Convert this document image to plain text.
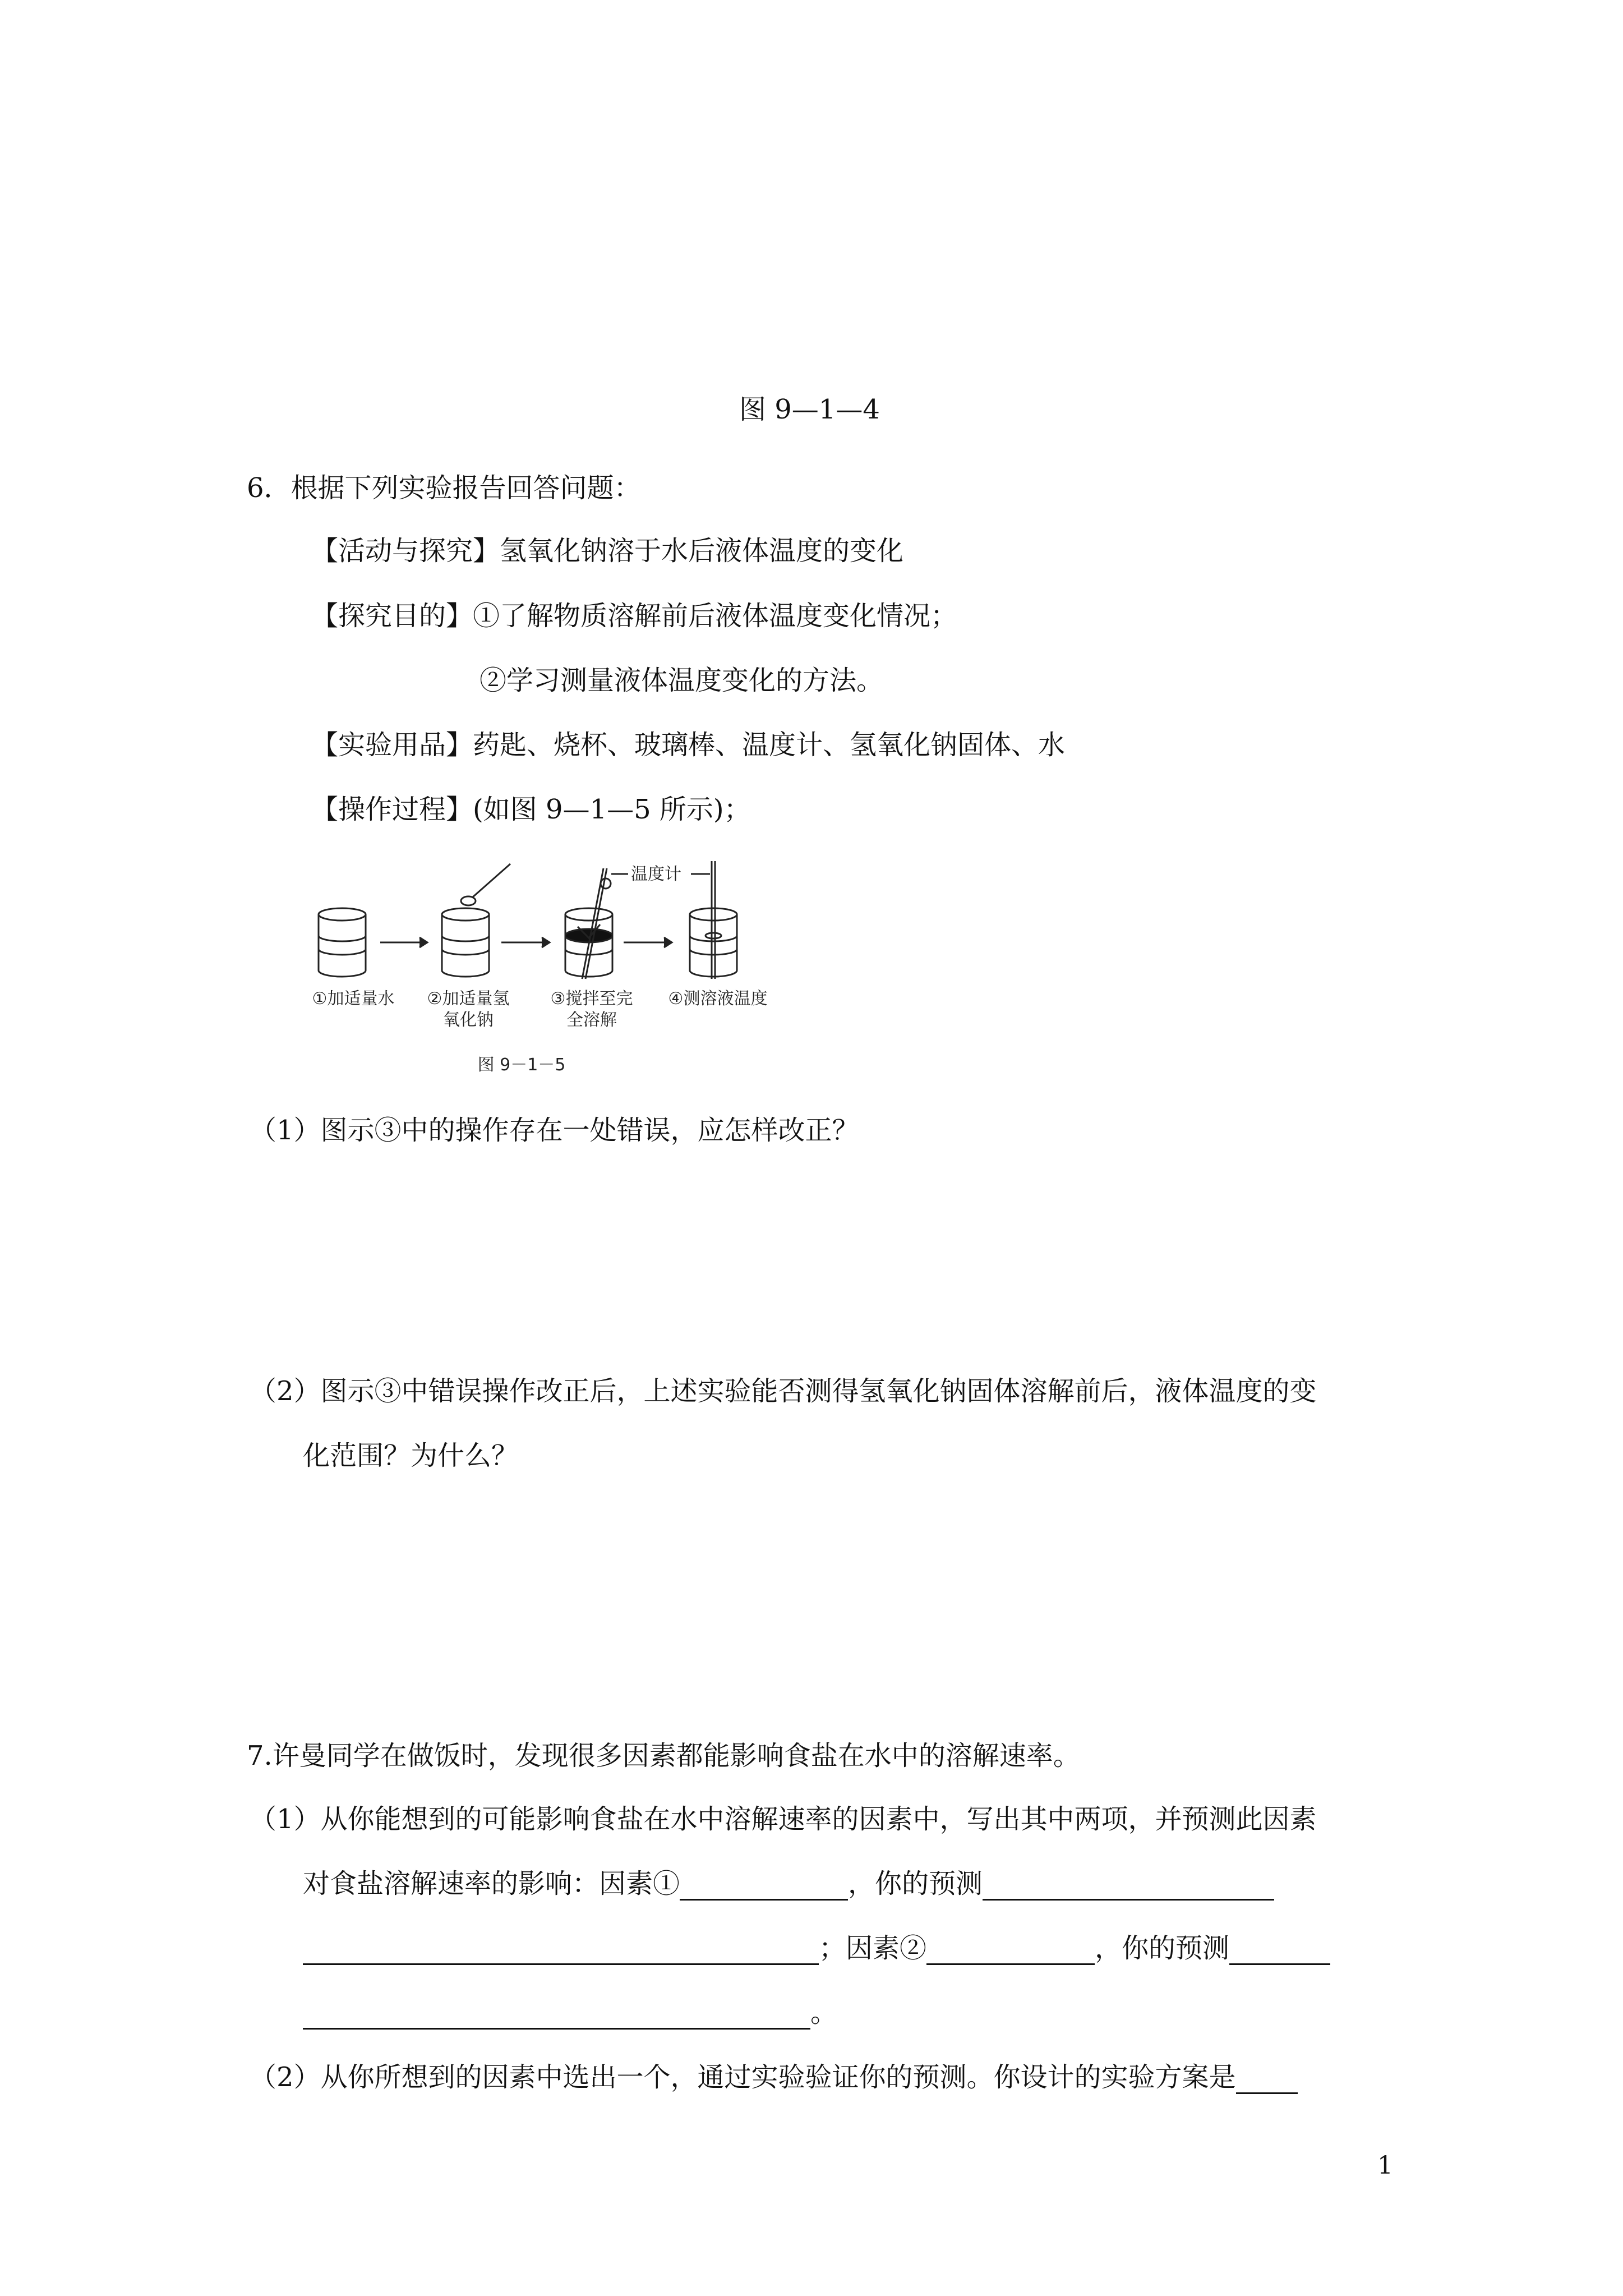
图 9—1—4
6．根据下列实验报告回答问题：
【活动与探究】氢氧化钠溶于水后液体温度的变化
【探究目的】①了解物质溶解前后液体温度变化情况；
②学习测量液体温度变化的方法。
【实验用品】药匙、烧杯、玻璃棒、温度计、氢氧化钠固体、水
【操作过程】(如图 9—1—5 所示)；
温度计
①加适量水 ②加适量氢
氧化钠
③搅拌至完
全溶解
④测溶液温度
图 9－1－5
（1）图示③中的操作存在一处错误，应怎样改正？
（2）图示③中错误操作改正后，上述实验能否测得氢氧化钠固体溶解前后，液体温度的变
化范围？为什么？
7.许曼同学在做饭时，发现很多因素都能影响食盐在水中的溶解速率。
（1）从你能想到的可能影响食盐在水中溶解速率的因素中，写出其中两项，并预测此因素
对食盐溶解速率的影响：因素①	，你的预测
；因素②	，你的预测
。
（2）从你所想到的因素中选出一个，通过实验验证你的预测。你设计的实验方案是
1
